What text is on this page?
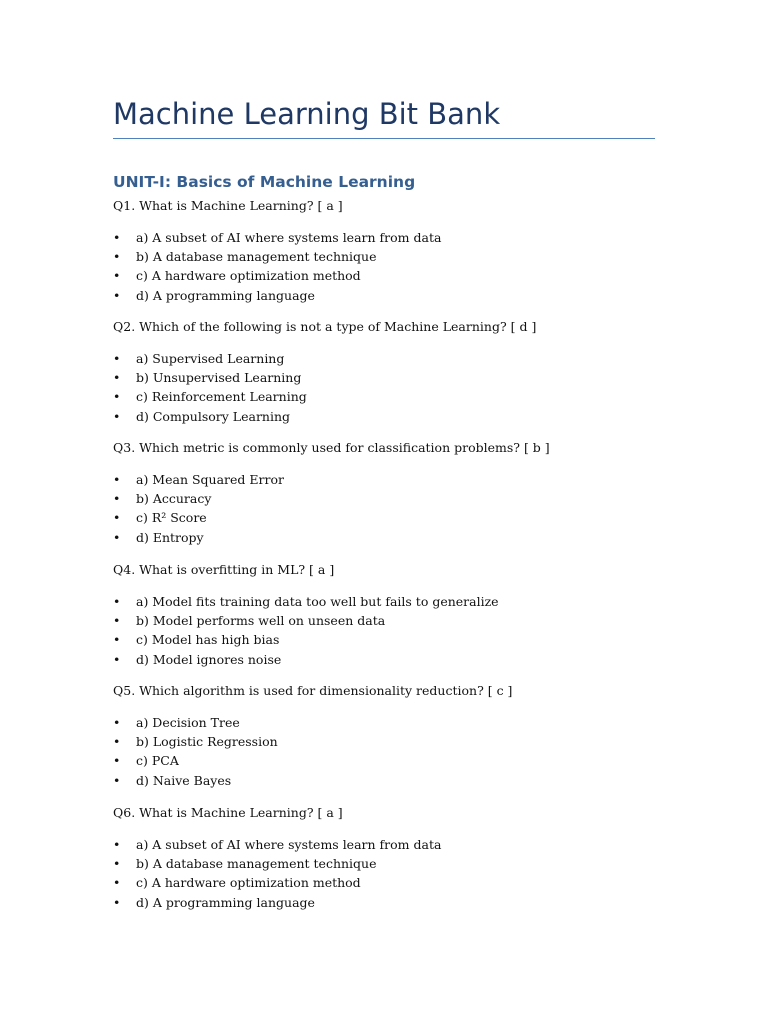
Machine Learning Bit Bank
UNIT-I: Basics of Machine Learning
Q1. What is Machine Learning? [ a ]
• a) A subset of AI where systems learn from data
• b) A database management technique
• c) A hardware optimization method
• d) A programming language
Q2. Which of the following is not a type of Machine Learning? [ d ]
• a) Supervised Learning
• b) Unsupervised Learning
• c) Reinforcement Learning
• d) Compulsory Learning
Q3. Which metric is commonly used for classification problems? [ b ]
• a) Mean Squared Error
• b) Accuracy
• c) R² Score
• d) Entropy
Q4. What is overfitting in ML? [ a ]
• a) Model fits training data too well but fails to generalize
• b) Model performs well on unseen data
• c) Model has high bias
• d) Model ignores noise
Q5. Which algorithm is used for dimensionality reduction? [ c ]
• a) Decision Tree
• b) Logistic Regression
• c) PCA
• d) Naive Bayes
Q6. What is Machine Learning? [ a ]
• a) A subset of AI where systems learn from data
• b) A database management technique
• c) A hardware optimization method
• d) A programming language
